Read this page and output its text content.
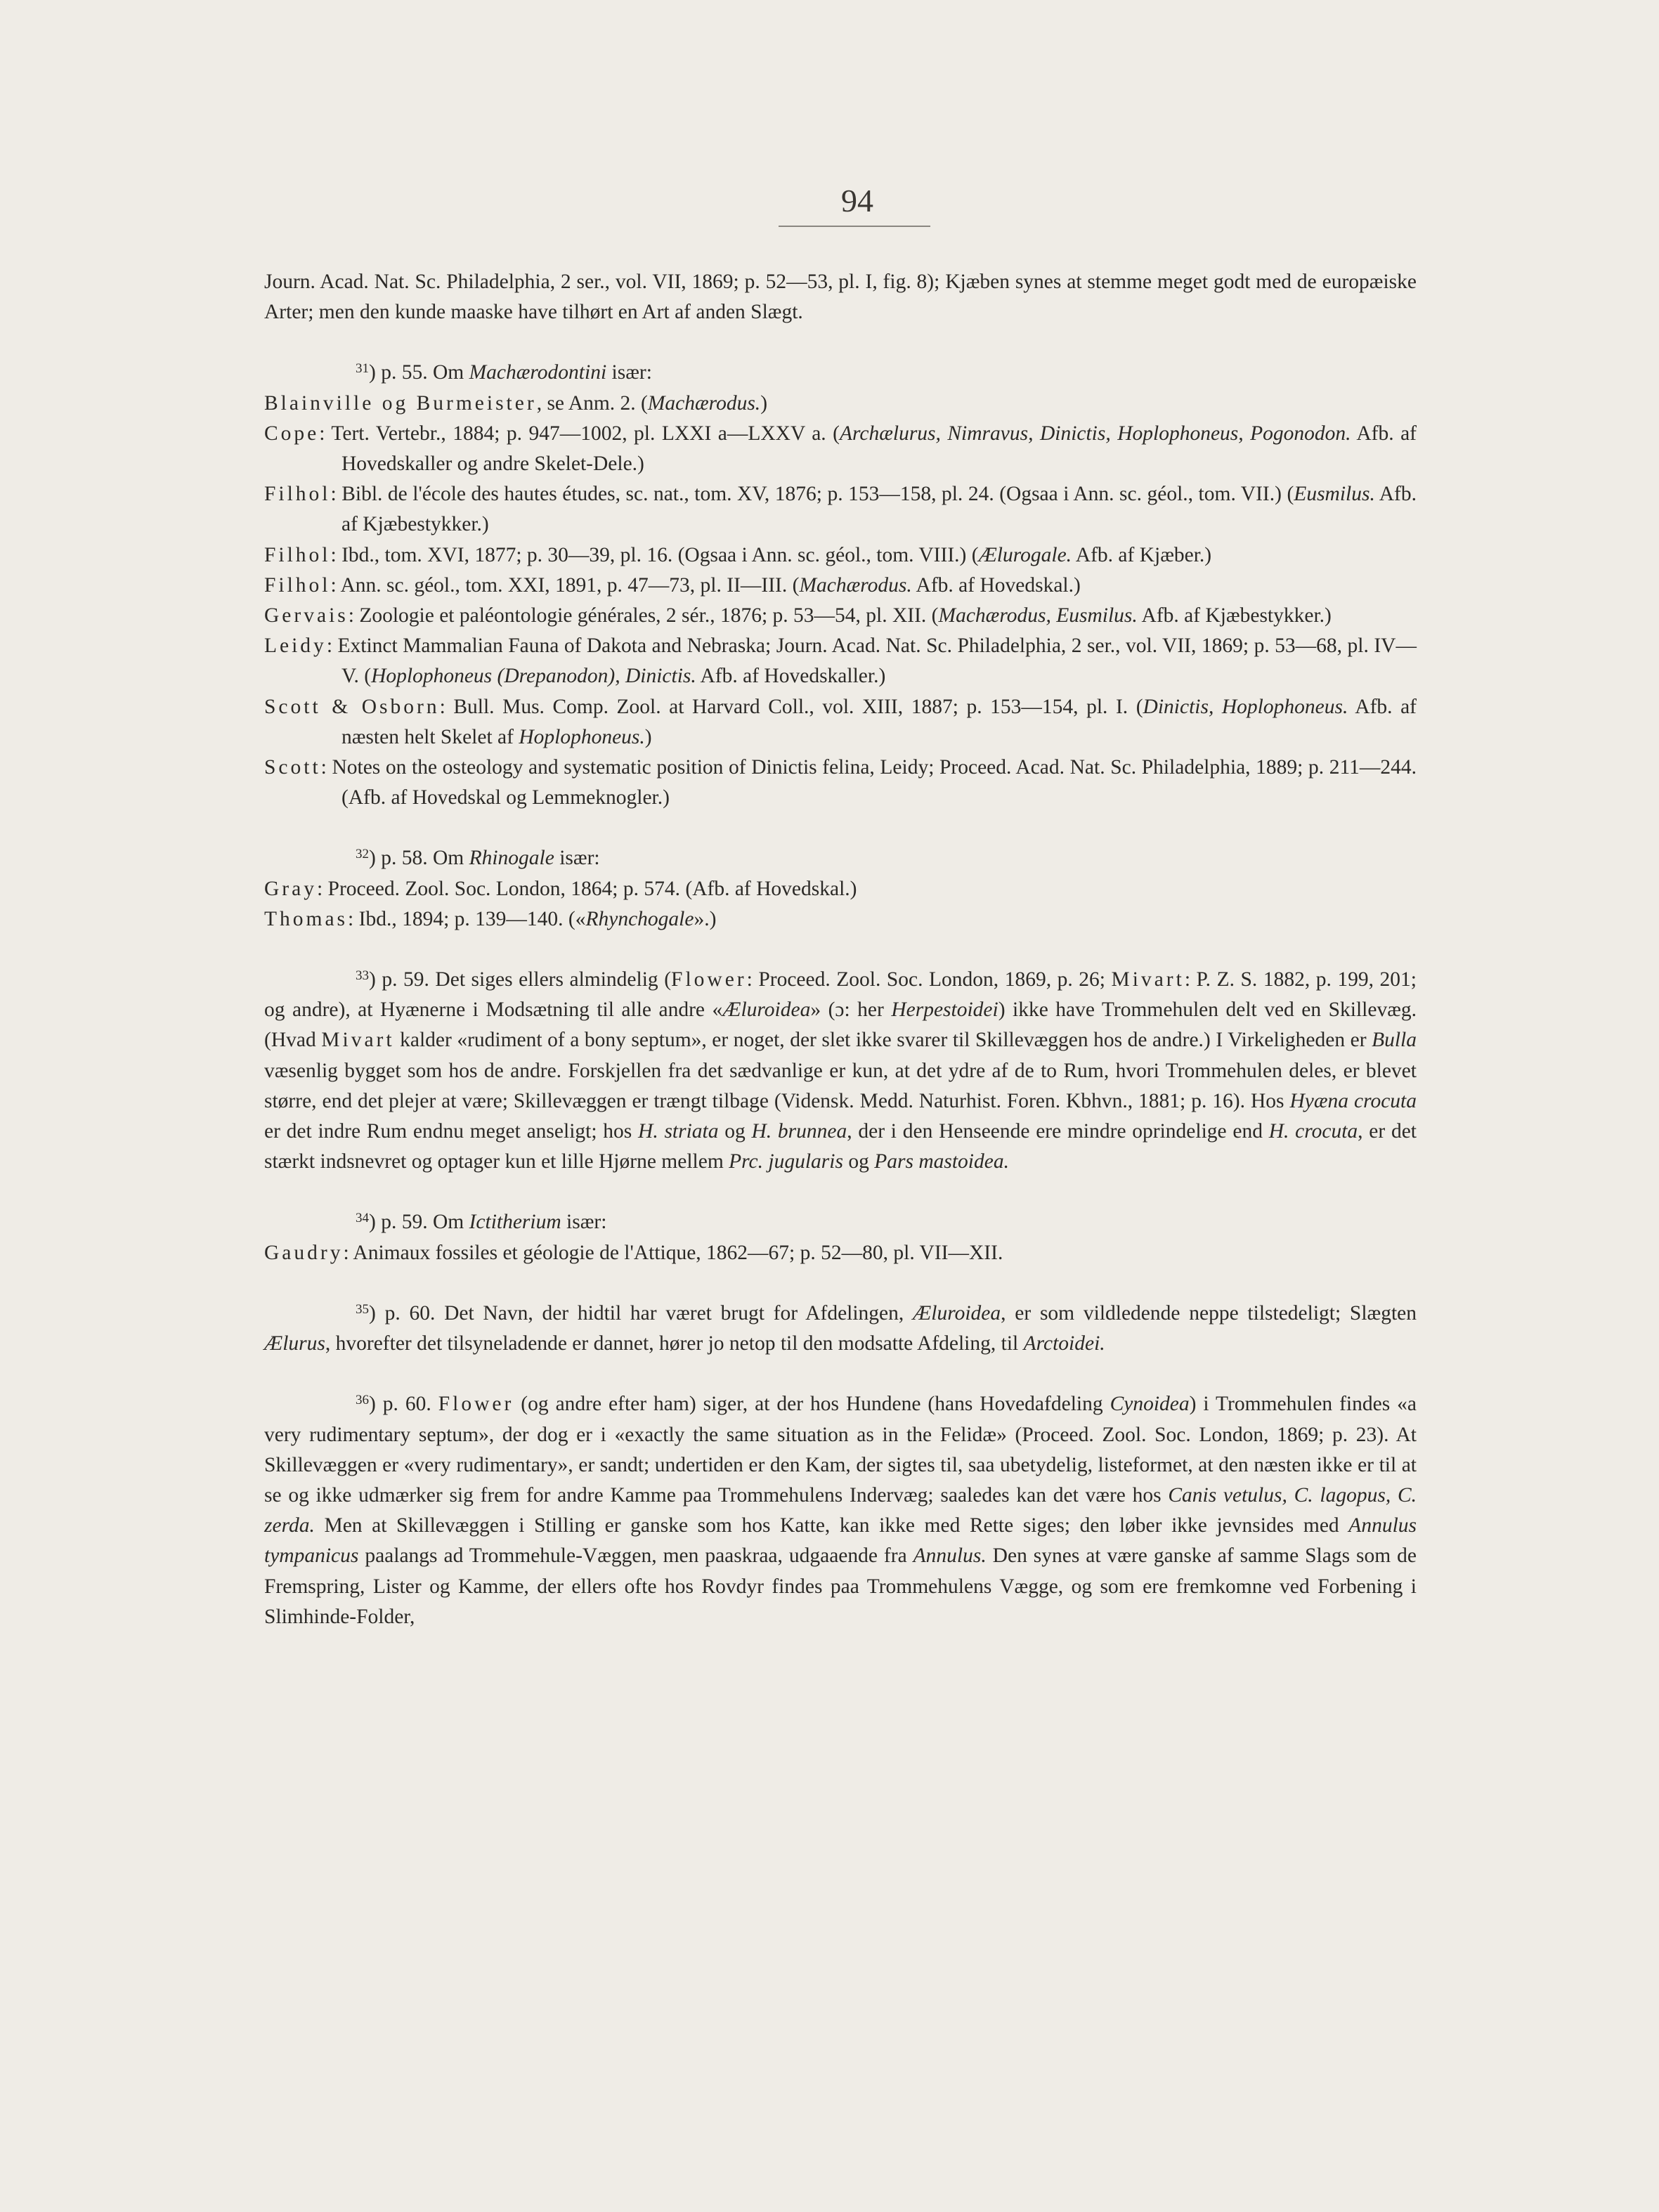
94

Journ. Acad. Nat. Sc. Philadelphia, 2 ser., vol. VII, 1869; p. 52—53, pl. I, fig. 8); Kjæben synes at stemme meget godt med de europæiske Arter; men den kunde maaske have tilhørt en Art af anden Slægt.

$^{31}$) p. 55. Om Machærodontini især:

Blainville og Burmeister, se Anm. 2. (Machærodus.)

Cope: Tert. Vertebr., 1884; p. 947—1002, pl. LXXI a—LXXV a. (Archælurus, Nimravus, Dinictis, Hoplophoneus, Pogonodon. Afb. af Hovedskaller og andre Skelet-Dele.)

Filhol: Bibl. de l'école des hautes études, sc. nat., tom. XV, 1876; p. 153—158, pl. 24. (Ogsaa i Ann. sc. géol., tom. VII.) (Eusmilus. Afb. af Kjæbestykker.)

Filhol: Ibd., tom. XVI, 1877; p. 30—39, pl. 16. (Ogsaa i Ann. sc. géol., tom. VIII.) (Ælurogale. Afb. af Kjæber.)

Filhol: Ann. sc. géol., tom. XXI, 1891, p. 47—73, pl. II—III. (Machærodus. Afb. af Hovedskal.)

Gervais: Zoologie et paléontologie générales, 2 sér., 1876; p. 53—54, pl. XII. (Machærodus, Eusmilus. Afb. af Kjæbestykker.)

Leidy: Extinct Mammalian Fauna of Dakota and Nebraska; Journ. Acad. Nat. Sc. Philadelphia, 2 ser., vol. VII, 1869; p. 53—68, pl. IV—V. (Hoplophoneus (Drepanodon), Dinictis. Afb. af Hovedskaller.)

Scott & Osborn: Bull. Mus. Comp. Zool. at Harvard Coll., vol. XIII, 1887; p. 153—154, pl. I. (Dinictis, Hoplophoneus. Afb. af næsten helt Skelet af Hoplophoneus.)

Scott: Notes on the osteology and systematic position of Dinictis felina, Leidy; Proceed. Acad. Nat. Sc. Philadelphia, 1889; p. 211—244. (Afb. af Hovedskal og Lemmeknogler.)

$^{32}$) p. 58. Om Rhinogale især:

Gray: Proceed. Zool. Soc. London, 1864; p. 574. (Afb. af Hovedskal.)

Thomas: Ibd., 1894; p. 139—140. («Rhynchogale».)

$^{33}$) p. 59. Det siges ellers almindelig (Flower: Proceed. Zool. Soc. London, 1869, p. 26; Mivart: P. Z. S. 1882, p. 199, 201; og andre), at Hyænerne i Modsætning til alle andre «Æluroidea» (ɔ: her Herpestoidei) ikke have Trommehulen delt ved en Skillevæg. (Hvad Mivart kalder «rudiment of a bony septum», er noget, der slet ikke svarer til Skillevæggen hos de andre.) I Virkeligheden er Bulla væsenlig bygget som hos de andre. Forskjellen fra det sædvanlige er kun, at det ydre af de to Rum, hvori Trommehulen deles, er blevet større, end det plejer at være; Skillevæggen er trængt tilbage (Vidensk. Medd. Naturhist. Foren. Kbhvn., 1881; p. 16). Hos Hyæna crocuta er det indre Rum endnu meget anseligt; hos H. striata og H. brunnea, der i den Henseende ere mindre oprindelige end H. crocuta, er det stærkt indsnevret og optager kun et lille Hjørne mellem Prc. jugularis og Pars mastoidea.

$^{34}$) p. 59. Om Ictitherium især:

Gaudry: Animaux fossiles et géologie de l'Attique, 1862—67; p. 52—80, pl. VII—XII.

$^{35}$) p. 60. Det Navn, der hidtil har været brugt for Afdelingen, Æluroidea, er som vildledende neppe tilstedeligt; Slægten Ælurus, hvorefter det tilsyneladende er dannet, hører jo netop til den modsatte Afdeling, til Arctoidei.

$^{36}$) p. 60. Flower (og andre efter ham) siger, at der hos Hundene (hans Hovedafdeling Cynoidea) i Trommehulen findes «a very rudimentary septum», der dog er i «exactly the same situation as in the Felidæ» (Proceed. Zool. Soc. London, 1869; p. 23). At Skillevæggen er «very rudimentary», er sandt; undertiden er den Kam, der sigtes til, saa ubetydelig, listeformet, at den næsten ikke er til at se og ikke udmærker sig frem for andre Kamme paa Trommehulens Indervæg; saaledes kan det være hos Canis vetulus, C. lagopus, C. zerda. Men at Skillevæggen i Stilling er ganske som hos Katte, kan ikke med Rette siges; den løber ikke jevnsides med Annulus tympanicus paalangs ad Trommehule-Væggen, men paaskraa, udgaaende fra Annulus. Den synes at være ganske af samme Slags som de Fremspring, Lister og Kamme, der ellers ofte hos Rovdyr findes paa Trommehulens Vægge, og som ere fremkomne ved Forbening i Slimhinde-Folder,
